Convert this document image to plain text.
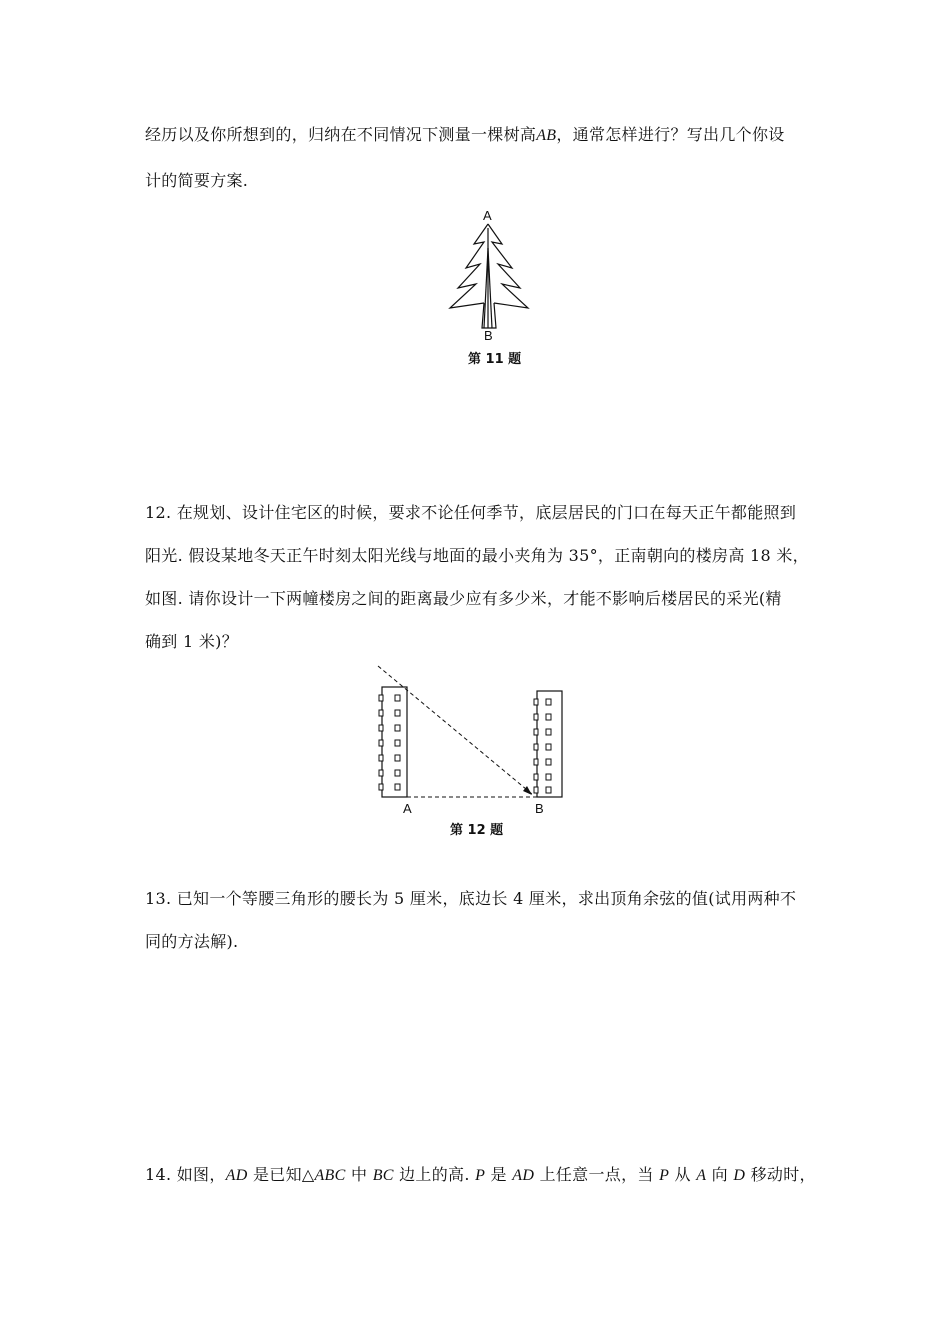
经历以及你所想到的，归纳在不同情况下测量一棵树高AB，通常怎样进行？写出几个你设
计的简要方案.
A
B
第 11 题
12. 在规划、设计住宅区的时候，要求不论任何季节，底层居民的门口在每天正午都能照到
阳光. 假设某地冬天正午时刻太阳光线与地面的最小夹角为 35°，正南朝向的楼房高 18 米，
如图. 请你设计一下两幢楼房之间的距离最少应有多少米，才能不影响后楼居民的采光(精
确到 1 米)？
A	B
第 12 题
13. 已知一个等腰三角形的腰长为 5 厘米，底边长 4 厘米，求出顶角余弦的值(试用两种不
同的方法解).
14. 如图，AD 是已知△ABC 中 BC 边上的高. P 是 AD 上任意一点，当 P 从 A 向 D 移动时，
